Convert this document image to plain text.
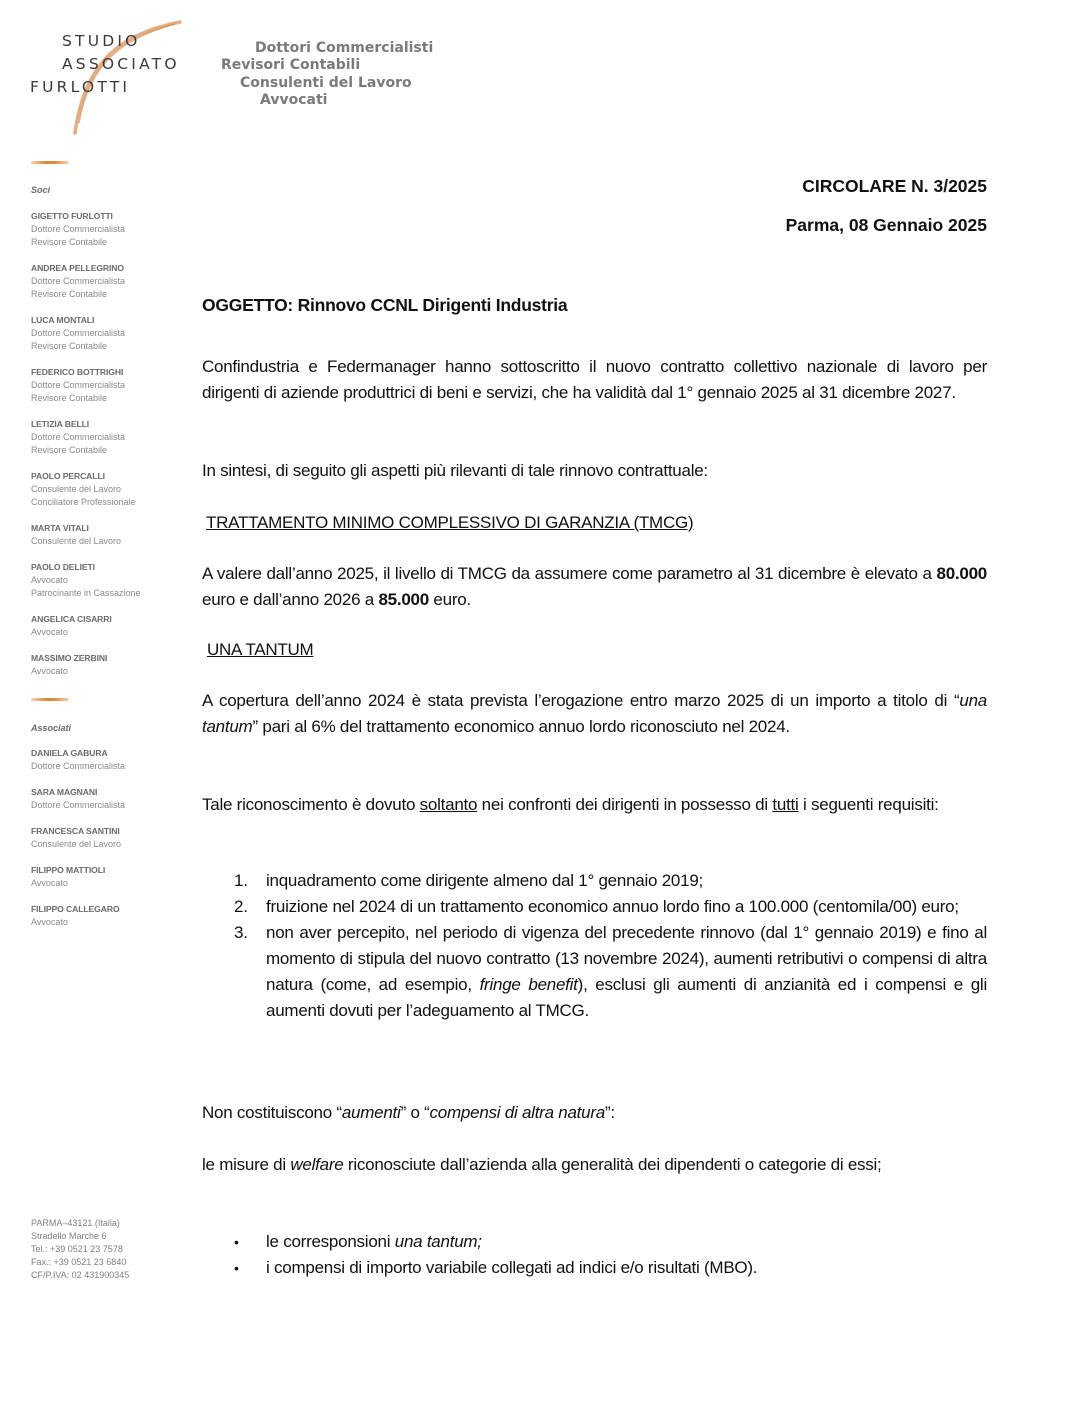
STUDIO
ASSOCIATO
FURLOTTI
Dottori Commercialisti
Revisori Contabili
Consulenti del Lavoro
Avvocati
Soci
GIGETTO FURLOTTI
Dottore Commercialista
Revisore Contabile
ANDREA PELLEGRINO
Dottore Commercialista
Revisore Contabile
LUCA MONTALI
Dottore Commercialista
Revisore Contabile
FEDERICO BOTTRIGHI
Dottore Commercialista
Revisore Contabile
LETIZIA BELLI
Dottore Commercialista
Revisore Contabile
PAOLO PERCALLI
Consulente del Lavoro
Conciliatore Professionale
MARTA VITALI
Consulente del Lavoro
PAOLO DELIETI
Avvocato
Patrocinante in Cassazione
ANGELICA CISARRI
Avvocato
MASSIMO ZERBINI
Avvocato
Associati
DANIELA GABURA
Dottore Commercialista
SARA MAGNANI
Dottore Commercialista
FRANCESCA SANTINI
Consulente del Lavoro
FILIPPO MATTIOLI
Avvocato
FILIPPO CALLEGARO
Avvocato
PARMA–43121 (Italia)
Stradello Marche 6
Tel.: +39 0521 23 7578
Fax.: +39 0521 23 6840
CF/P.IVA: 02 431900345
CIRCOLARE N. 3/2025
Parma, 08 Gennaio 2025
OGGETTO: Rinnovo CCNL Dirigenti Industria
Confindustria e Federmanager hanno sottoscritto il nuovo contratto collettivo nazionale di lavoro per dirigenti di aziende produttrici di beni e servizi, che ha validità dal 1° gennaio 2025 al 31 dicembre 2027.
In sintesi, di seguito gli aspetti più rilevanti di tale rinnovo contrattuale:
TRATTAMENTO MINIMO COMPLESSIVO DI GARANZIA (TMCG)
A valere dall’anno 2025, il livello di TMCG da assumere come parametro al 31 dicembre è elevato a 80.000 euro e dall’anno 2026 a 85.000 euro.
UNA TANTUM
A copertura dell’anno 2024 è stata prevista l’erogazione entro marzo 2025 di un importo a titolo di “una tantum” pari al 6% del trattamento economico annuo lordo riconosciuto nel 2024.
Tale riconoscimento è dovuto soltanto nei confronti dei dirigenti in possesso di tutti i seguenti requisiti:
1. inquadramento come dirigente almeno dal 1° gennaio 2019;
2. fruizione nel 2024 di un trattamento economico annuo lordo fino a 100.000 (centomila/00) euro;
3. non aver percepito, nel periodo di vigenza del precedente rinnovo (dal 1° gennaio 2019) e fino al momento di stipula del nuovo contratto (13 novembre 2024), aumenti retributivi o compensi di altra natura (come, ad esempio, fringe benefit), esclusi gli aumenti di anzianità ed i compensi e gli aumenti dovuti per l’adeguamento al TMCG.
Non costituiscono “aumenti” o “compensi di altra natura”:
le misure di welfare riconosciute dall’azienda alla generalità dei dipendenti o categorie di essi;
• le corresponsioni una tantum;
• i compensi di importo variabile collegati ad indici e/o risultati (MBO).
